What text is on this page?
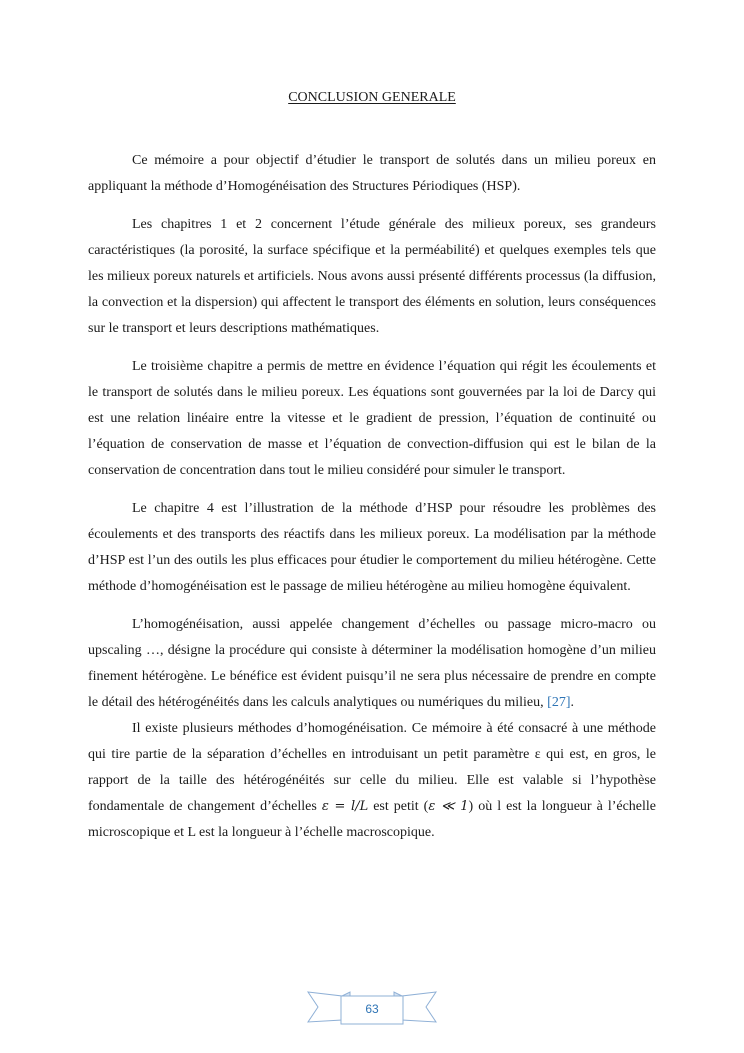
CONCLUSION GENERALE

Ce mémoire a pour objectif d’étudier le transport de solutés dans un milieu poreux en appliquant la méthode d’Homogénéisation des Structures Périodiques (HSP).

Les chapitres 1 et 2 concernent l’étude générale des milieux poreux, ses grandeurs caractéristiques (la porosité, la surface spécifique et la perméabilité) et quelques exemples tels que les milieux poreux naturels et artificiels. Nous avons aussi présenté différents processus (la diffusion, la convection et la dispersion) qui affectent le transport des éléments en solution, leurs conséquences sur le transport et leurs descriptions mathématiques.

Le troisième chapitre a permis de mettre en évidence l’équation qui régit les écoulements et le transport de solutés dans le milieu poreux. Les équations sont gouvernées par la loi de Darcy qui est une relation linéaire entre la vitesse et le gradient de pression, l’équation de continuité ou l’équation de conservation de masse et l’équation de convection-diffusion qui est le bilan de la conservation de concentration dans tout le milieu considéré pour simuler le transport.

Le chapitre 4 est l’illustration de la méthode d’HSP pour résoudre les problèmes des écoulements et des transports des réactifs dans les milieux poreux. La modélisation par la méthode d’HSP est l’un des outils les plus efficaces pour étudier le comportement du milieu hétérogène. Cette méthode d’homogénéisation est le passage de milieu hétérogène au milieu homogène équivalent.

L’homogénéisation, aussi appelée changement d’échelles ou passage micro-macro ou upscaling …, désigne la procédure qui consiste à déterminer la modélisation homogène d’un milieu finement hétérogène. Le bénéfice est évident puisqu’il ne sera plus nécessaire de prendre en compte le détail des hétérogénéités dans les calculs analytiques ou numériques du milieu, [27].

Il existe plusieurs méthodes d’homogénéisation. Ce mémoire à été consacré à une méthode qui tire partie de la séparation d’échelles en introduisant un petit paramètre ε qui est, en gros, le rapport de la taille des hétérogénéités sur celle du milieu. Elle est valable si l’hypothèse fondamentale de changement d’échelles ε = l/L est petit (ε ≪ 1) où l est la longueur à l’échelle microscopique et L est la longueur à l’échelle macroscopique.

63
